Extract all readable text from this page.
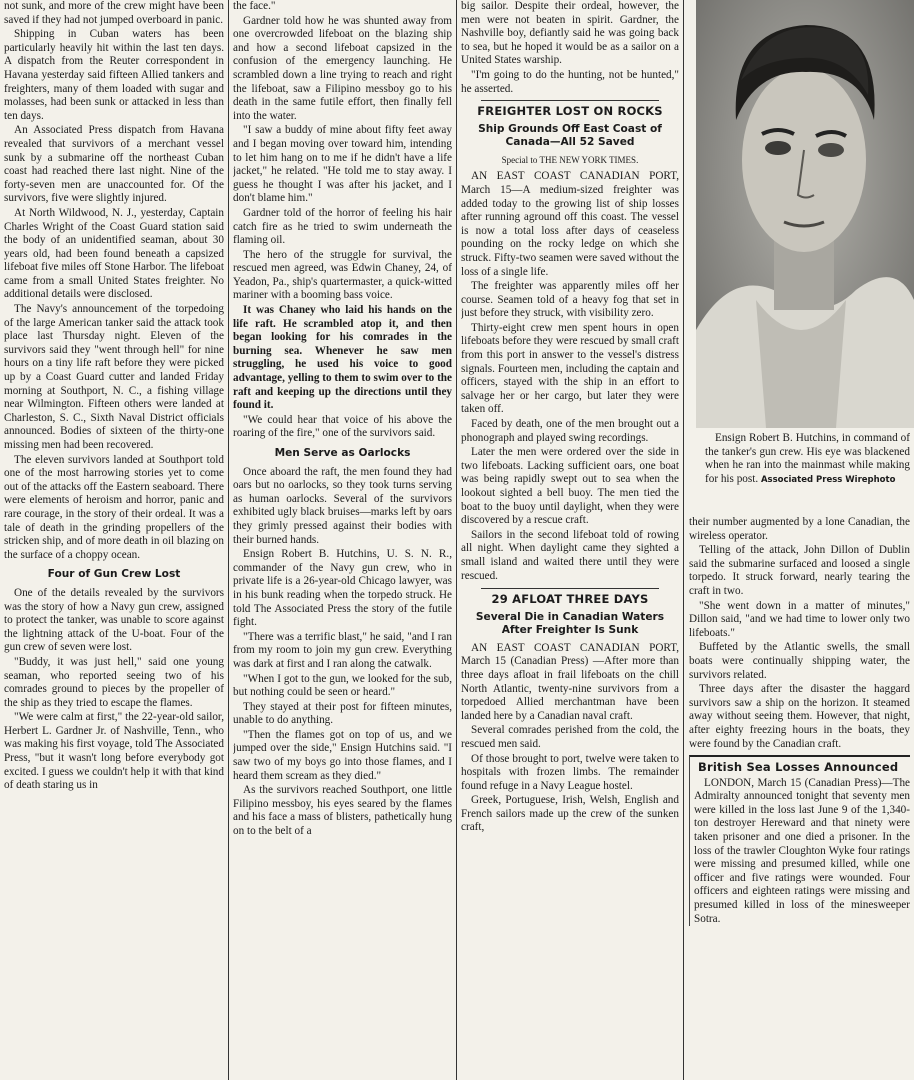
not sunk, and more of the crew might have been saved if they had not jumped overboard in panic.

Shipping in Cuban waters has been particularly heavily hit within the last ten days. A dispatch from the Reuter correspondent in Havana yesterday said fifteen Allied tankers and freighters, many of them loaded with sugar and molasses, had been sunk or attacked in less than ten days.

An Associated Press dispatch from Havana revealed that survivors of a merchant vessel sunk by a submarine off the northeast Cuban coast had reached there last night. Nine of the forty-seven men are unaccounted for. Of the survivors, five were slightly injured.

At North Wildwood, N. J., yesterday, Captain Charles Wright of the Coast Guard station said the body of an unidentified seaman, about 30 years old, had been found beneath a capsized lifeboat five miles off Stone Harbor. The lifeboat came from a small United States freighter. No additional details were disclosed.

The Navy's announcement of the torpedoing of the large American tanker said the attack took place last Thursday night. Eleven of the survivors said they "went through hell" for nine hours on a tiny life raft before they were picked up by a Coast Guard cutter and landed Friday morning at Southport, N. C., a fishing village near Wilmington. Fifteen others were landed at Charleston, S. C., Sixth Naval District officials announced. Bodies of sixteen of the thirty-one missing men had been recovered.

The eleven survivors landed at Southport told one of the most harrowing stories yet to come out of the attacks off the Eastern seaboard. There were elements of heroism and horror, panic and rare courage, in the story of their ordeal. It was a tale of death in the grinding propellers of the stricken ship, and of more death in oil blazing on the surface of a choppy ocean.

Four of Gun Crew Lost

One of the details revealed by the survivors was the story of how a Navy gun crew, assigned to protect the tanker, was unable to score against the lightning attack of the U-boat. Four of the gun crew of seven were lost.

"Buddy, it was just hell," said one young seaman, who reported seeing two of his comrades ground to pieces by the propeller of the ship as they tried to escape the flames.

"We were calm at first," the 22-year-old sailor, Herbert L. Gardner Jr. of Nashville, Tenn., who was making his first voyage, told The Associated Press, "but it wasn't long before everybody got excited. I guess we couldn't help it with that kind of death staring us in

the face."

Gardner told how he was shunted away from one overcrowded lifeboat on the blazing ship and how a second lifeboat capsized in the confusion of the emergency launching. He scrambled down a line trying to reach and right the lifeboat, saw a Filipino messboy go to his death in the same futile effort, then finally fell into the water.

"I saw a buddy of mine about fifty feet away and I began moving over toward him, intending to let him hang on to me if he didn't have a life jacket," he related. "He told me to stay away. I guess he thought I was after his jacket, and I don't blame him."

Gardner told of the horror of feeling his hair catch fire as he tried to swim underneath the flaming oil.

The hero of the struggle for survival, the rescued men agreed, was Edwin Chaney, 24, of Yeadon, Pa., ship's quartermaster, a quick-witted mariner with a booming bass voice.

It was Chaney who laid his hands on the life raft. He scrambled atop it, and then began looking for his comrades in the burning sea. Whenever he saw men struggling, he used his voice to good advantage, yelling to them to swim over to the raft and keeping up the directions until they found it.

"We could hear that voice of his above the roaring of the fire," one of the survivors said.

Men Serve as Oarlocks

Once aboard the raft, the men found they had oars but no oarlocks, so they took turns serving as human oarlocks. Several of the survivors exhibited ugly black bruises—marks left by oars they grimly pressed against their bodies with their burned hands.

Ensign Robert B. Hutchins, U. S. N. R., commander of the Navy gun crew, who in private life is a 26-year-old Chicago lawyer, was in his bunk reading when the torpedo struck. He told The Associated Press the story of the futile fight.

"There was a terrific blast," he said, "and I ran from my room to join my gun crew. Everything was dark at first and I ran along the catwalk.

"When I got to the gun, we looked for the sub, but nothing could be seen or heard."

They stayed at their post for fifteen minutes, unable to do anything.

"Then the flames got on top of us, and we jumped over the side," Ensign Hutchins said. "I saw two of my boys go into those flames, and I heard them scream as they died."

As the survivors reached Southport, one little Filipino messboy, his eyes seared by the flames and his face a mass of blisters, pathetically hung on to the belt of a

big sailor. Despite their ordeal, however, the men were not beaten in spirit. Gardner, the Nashville boy, defiantly said he was going back to sea, but he hoped it would be as a sailor on a United States warship.

"I'm going to do the hunting, not be hunted," he asserted.

FREIGHTER LOST ON ROCKS
Ship Grounds Off East Coast of Canada—All 52 Saved
Special to THE NEW YORK TIMES.

AN EAST COAST CANADIAN PORT, March 15—A medium-sized freighter was added today to the growing list of ship losses after running aground off this coast. The vessel is now a total loss after days of ceaseless pounding on the rocky ledge on which she struck. Fifty-two seamen were saved without the loss of a single life.

The freighter was apparently miles off her course. Seamen told of a heavy fog that set in just before they struck, with visibility zero.

Thirty-eight crew men spent hours in open lifeboats before they were rescued by small craft from this port in answer to the vessel's distress signals. Fourteen men, including the captain and officers, stayed with the ship in an effort to salvage her or her cargo, but later they were taken off.

Faced by death, one of the men brought out a phonograph and played swing recordings.

Later the men were ordered over the side in two lifeboats. Lacking sufficient oars, one boat was being rapidly swept out to sea when the lookout sighted a bell buoy. The men tied the boat to the buoy until daylight, when they were discovered by a rescue craft.

Sailors in the second lifeboat told of rowing all night. When daylight came they sighted a small island and waited there until they were rescued.

29 AFLOAT THREE DAYS
Several Die in Canadian Waters After Freighter Is Sunk

AN EAST COAST CANADIAN PORT, March 15 (Canadian Press) —After more than three days afloat in frail lifeboats on the chill North Atlantic, twenty-nine survivors from a torpedoed Allied merchantman have been landed here by a Canadian naval craft.

Several comrades perished from the cold, the rescued men said.

Of those brought to port, twelve were taken to hospitals with frozen limbs. The remainder found refuge in a Navy League hostel.

Greek, Portuguese, Irish, Welsh, English and French sailors made up the crew of the sunken craft,

Ensign Robert B. Hutchins, in command of the tanker's gun crew. His eye was blackened when he ran into the mainmast while making for his post. Associated Press Wirephoto

their number augmented by a lone Canadian, the wireless operator.

Telling of the attack, John Dillon of Dublin said the submarine surfaced and loosed a single torpedo. It struck forward, nearly tearing the craft in two.

"She went down in a matter of minutes," Dillon said, "and we had time to lower only two lifeboats."

Buffeted by the Atlantic swells, the small boats were continually shipping water, the survivors related.

Three days after the disaster the haggard survivors saw a ship on the horizon. It steamed away without seeing them. However, that night, after eighty freezing hours in the boats, they were found by the Canadian craft.

British Sea Losses Announced

LONDON, March 15 (Canadian Press)—The Admiralty announced tonight that seventy men were killed in the loss last June 9 of the 1,340-ton destroyer Hereward and that ninety were taken prisoner and one died a prisoner. In the loss of the trawler Cloughton Wyke four ratings were missing and presumed killed, while one officer and five ratings were wounded. Four officers and eighteen ratings were missing and presumed killed in loss of the minesweeper Sotra.
